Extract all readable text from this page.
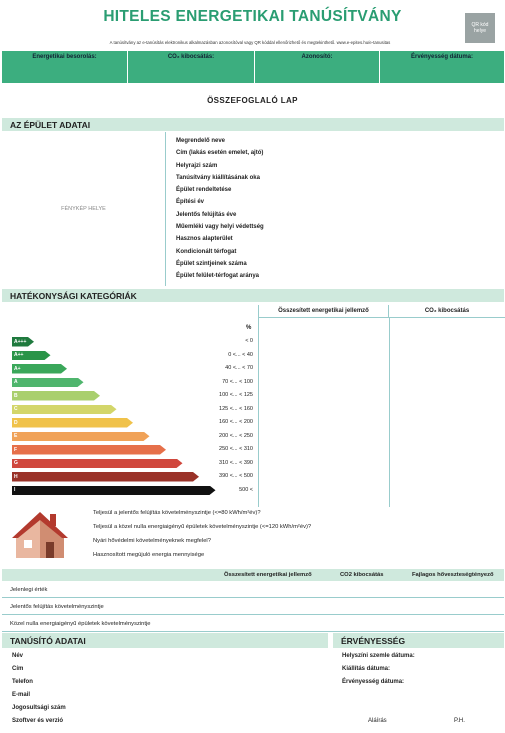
HITELES ENERGETIKAI TANÚSÍTVÁNY	QR kód helye
A tanúsítvány az e-tanúsítás elektronikus alkalmazásban azonosítóval vagy QR kóddal ellenőrizhető és megtekinthető. www.e-epites.hu/e-tanusitas
Energetikai besorolás:	CO₂ kibocsátás:	Azonosító:	Érvényesség dátuma:
ÖSSZEFOGLALÓ LAP
AZ ÉPÜLET ADATAI
FÉNYKÉP HELYE
Megrendelő neve
Cím (lakás esetén emelet, ajtó)
Helyrajzi szám
Tanúsítvány kiállításának oka
Épület rendeltetése
Építési év
Jelentős felújítás éve
Műemléki vagy helyi védettség
Hasznos alapterület
Kondicionált térfogat
Épület szintjeinek száma
Épület felület-térfogat aránya
HATÉKONYSÁGI KATEGÓRIÁK
Összesített energetikai jellemző	CO₂ kibocsátás
%
A+++	< 0
A++	0 <... < 40
A+	40 <... < 70
A	70 <... < 100
B	100 <... < 125
C	125 <... < 160
D	160 <... < 200
E	200 <... < 250
F	250 <... < 310
G	310 <... < 390
H	390 <... < 500
I	500 <
Teljesül a jelentős felújítás követelményszintje (<=80 kWh/m²év)?
Teljesül a közel nulla energiaigényű épületek követelményszintje (<=120 kWh/m²év)?
Nyári hővédelmi követelményeknek megfelel?
Hasznosított megújuló energia mennyisége
Összesített energetikai jellemző	CO2 kibocsátás	Fajlagos hőveszteségtényező
Jelenlegi érték
Jelentős felújítás követelményszintje
Közel nulla energiaigényű épületek követelményszintje
TANÚSÍTÓ ADATAI	ÉRVÉNYESSÉG
Név
Cím
Telefon
E-mail
Jogosultsági szám
Szoftver és verzió
Helyszíni szemle dátuma:
Kiállítás dátuma:
Érvényesség dátuma:
Aláírás	P.H.
